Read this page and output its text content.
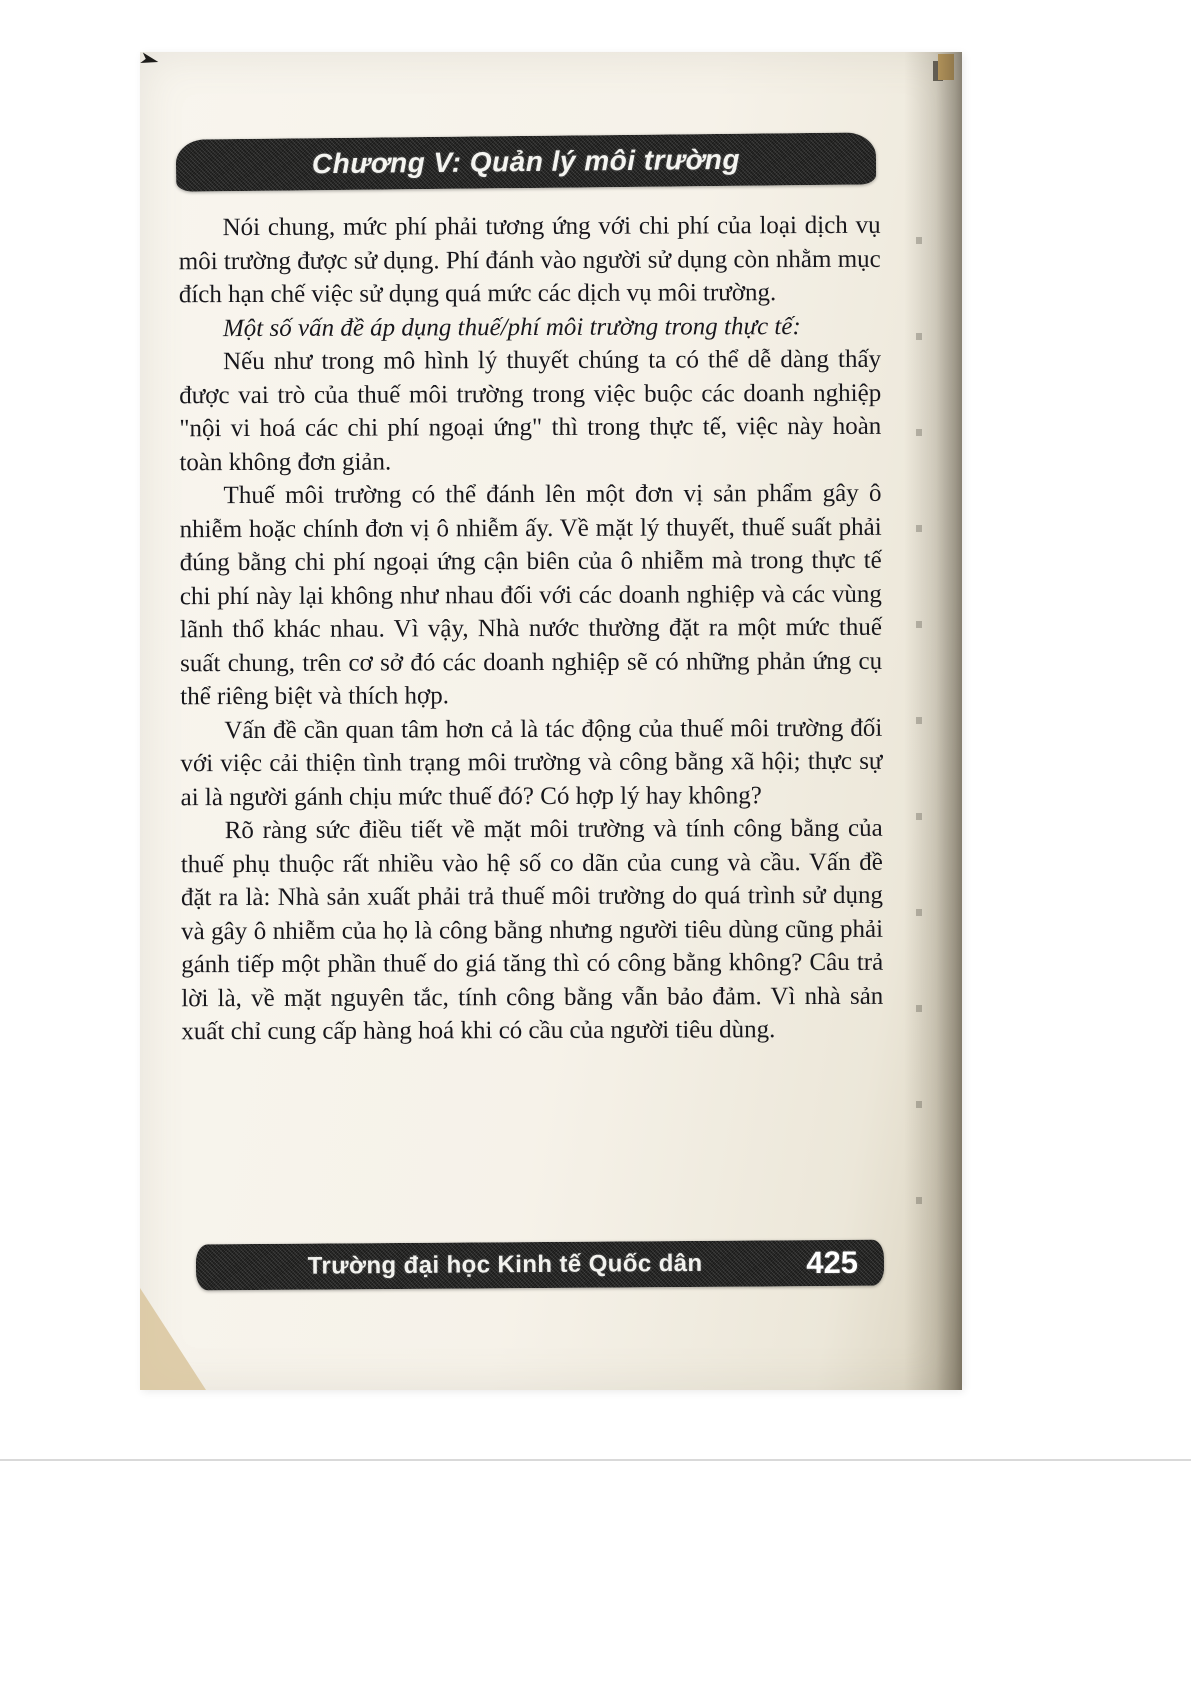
➤
Chương V: Quản lý môi trường

Nói chung, mức phí phải tương ứng với chi phí của loại dịch vụ môi trường được sử dụng. Phí đánh vào người sử dụng còn nhằm mục đích hạn chế việc sử dụng quá mức các dịch vụ môi trường.

Một số vấn đề áp dụng thuế/phí môi trường trong thực tế:

Nếu như trong mô hình lý thuyết chúng ta có thể dễ dàng thấy được vai trò của thuế môi trường trong việc buộc các doanh nghiệp "nội vi hoá các chi phí ngoại ứng" thì trong thực tế, việc này hoàn toàn không đơn giản.

Thuế môi trường có thể đánh lên một đơn vị sản phẩm gây ô nhiễm hoặc chính đơn vị ô nhiễm ấy. Về mặt lý thuyết, thuế suất phải đúng bằng chi phí ngoại ứng cận biên của ô nhiễm mà trong thực tế chi phí này lại không như nhau đối với các doanh nghiệp và các vùng lãnh thổ khác nhau. Vì vậy, Nhà nước thường đặt ra một mức thuế suất chung, trên cơ sở đó các doanh nghiệp sẽ có những phản ứng cụ thể riêng biệt và thích hợp.

Vấn đề cần quan tâm hơn cả là tác động của thuế môi trường đối với việc cải thiện tình trạng môi trường và công bằng xã hội; thực sự ai là người gánh chịu mức thuế đó? Có hợp lý hay không?

Rõ ràng sức điều tiết về mặt môi trường và tính công bằng của thuế phụ thuộc rất nhiều vào hệ số co dãn của cung và cầu. Vấn đề đặt ra là: Nhà sản xuất phải trả thuế môi trường do quá trình sử dụng và gây ô nhiễm của họ là công bằng nhưng người tiêu dùng cũng phải gánh tiếp một phần thuế do giá tăng thì có công bằng không? Câu trả lời là, về mặt nguyên tắc, tính công bằng vẫn bảo đảm. Vì nhà sản xuất chỉ cung cấp hàng hoá khi có cầu của người tiêu dùng.

Trường đại học Kinh tế Quốc dân	425
